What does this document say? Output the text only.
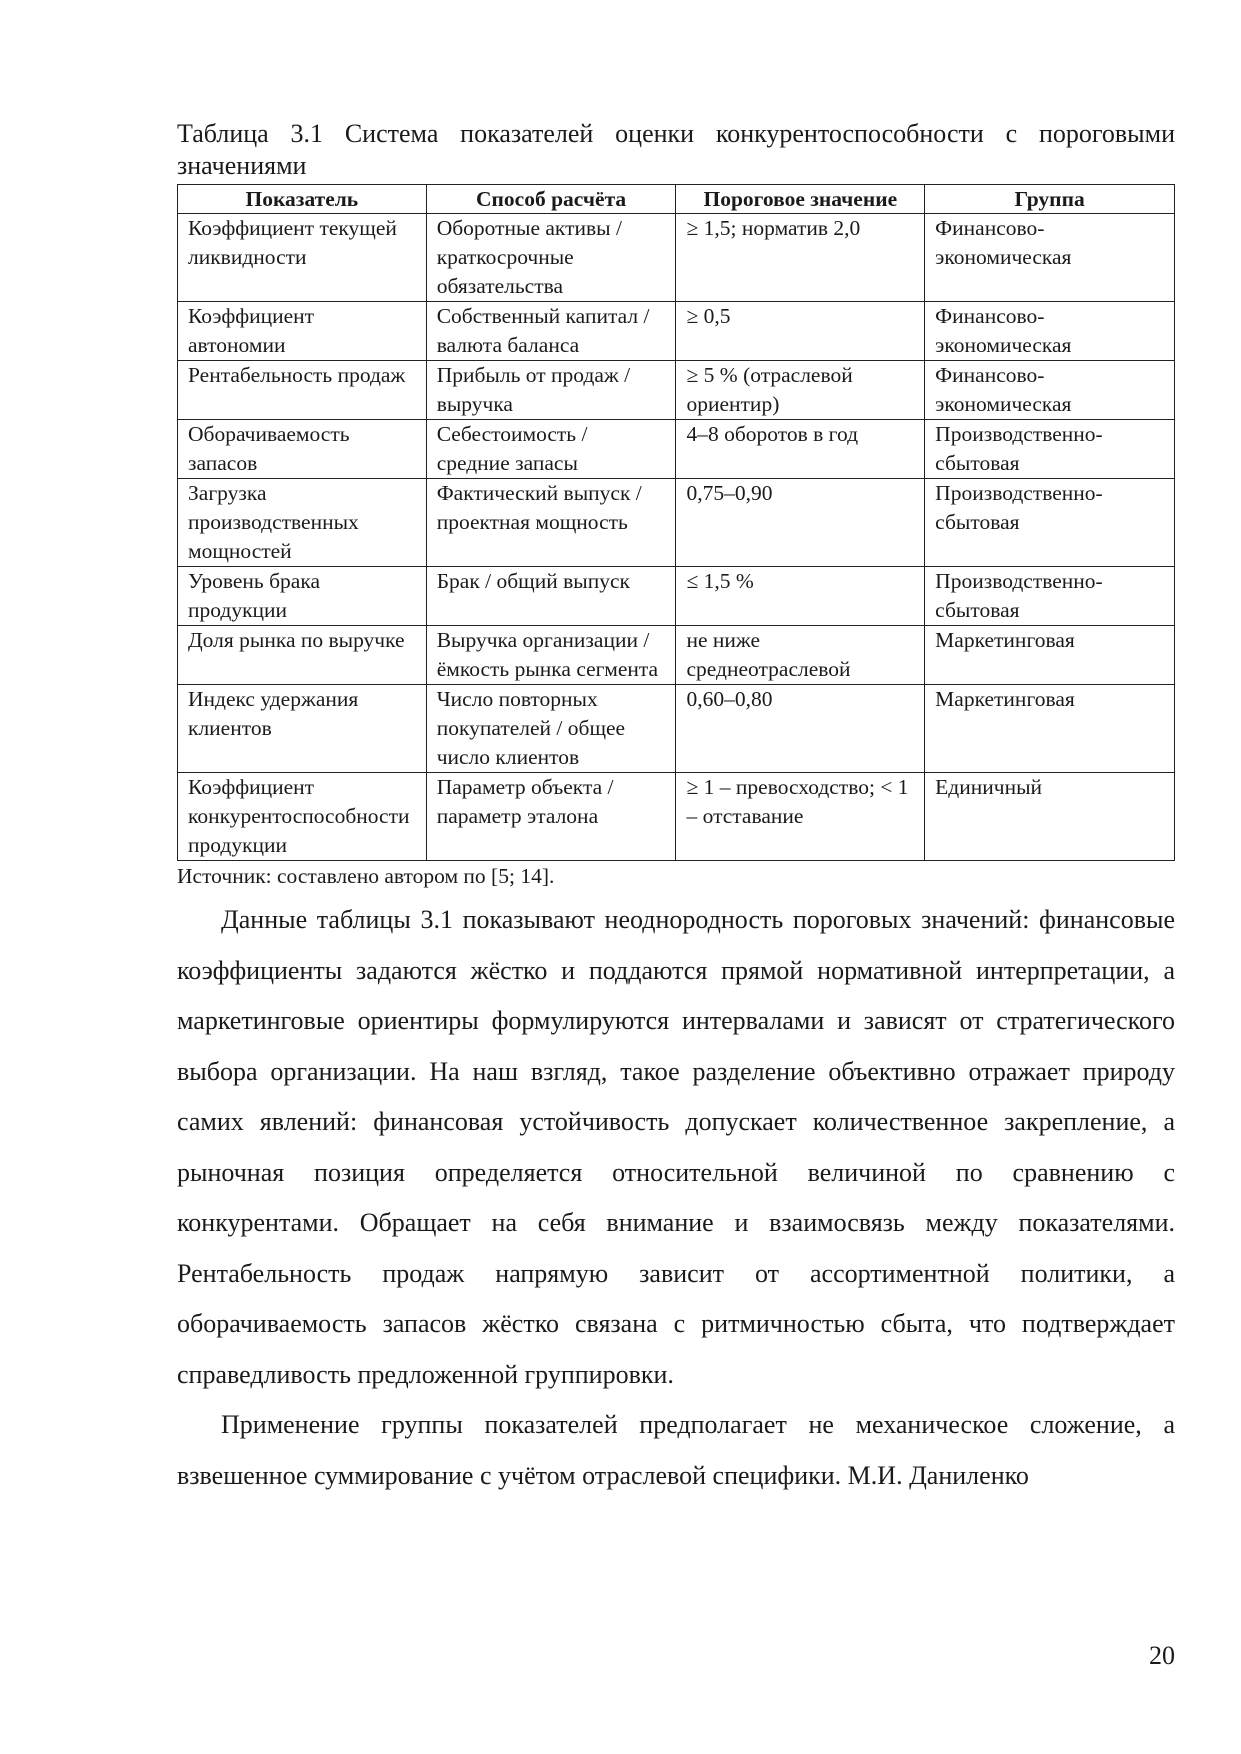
Таблица 3.1 Система показателей оценки конкурентоспособности с пороговыми значениями

Показатель	Способ расчёта	Пороговое значение	Группа
Коэффициент текущей ликвидности	Оборотные активы / краткосрочные обязательства	≥ 1,5; норматив 2,0	Финансово-экономическая
Коэффициент автономии	Собственный капитал / валюта баланса	≥ 0,5	Финансово-экономическая
Рентабельность продаж	Прибыль от продаж / выручка	≥ 5 % (отраслевой ориентир)	Финансово-экономическая
Оборачиваемость запасов	Себестоимость / средние запасы	4–8 оборотов в год	Производственно-сбытовая
Загрузка производственных мощностей	Фактический выпуск / проектная мощность	0,75–0,90	Производственно-сбытовая
Уровень брака продукции	Брак / общий выпуск	≤ 1,5 %	Производственно-сбытовая
Доля рынка по выручке	Выручка организации / ёмкость рынка сегмента	не ниже среднеотраслевой	Маркетинговая
Индекс удержания клиентов	Число повторных покупателей / общее число клиентов	0,60–0,80	Маркетинговая
Коэффициент конкурентоспособности продукции	Параметр объекта / параметр эталона	≥ 1 – превосходство; < 1 – отставание	Единичный

Источник: составлено автором по [5; 14].

Данные таблицы 3.1 показывают неоднородность пороговых значений: финансовые коэффициенты задаются жёстко и поддаются прямой нормативной интерпретации, а маркетинговые ориентиры формулируются интервалами и зависят от стратегического выбора организации. На наш взгляд, такое разделение объективно отражает природу самих явлений: финансовая устойчивость допускает количественное закрепление, а рыночная позиция определяется относительной величиной по сравнению с конкурентами. Обращает на себя внимание и взаимосвязь между показателями. Рентабельность продаж напрямую зависит от ассортиментной политики, а оборачиваемость запасов жёстко связана с ритмичностью сбыта, что подтверждает справедливость предложенной группировки.

Применение группы показателей предполагает не механическое сложение, а взвешенное суммирование с учётом отраслевой специфики. М.И. Даниленко

20
